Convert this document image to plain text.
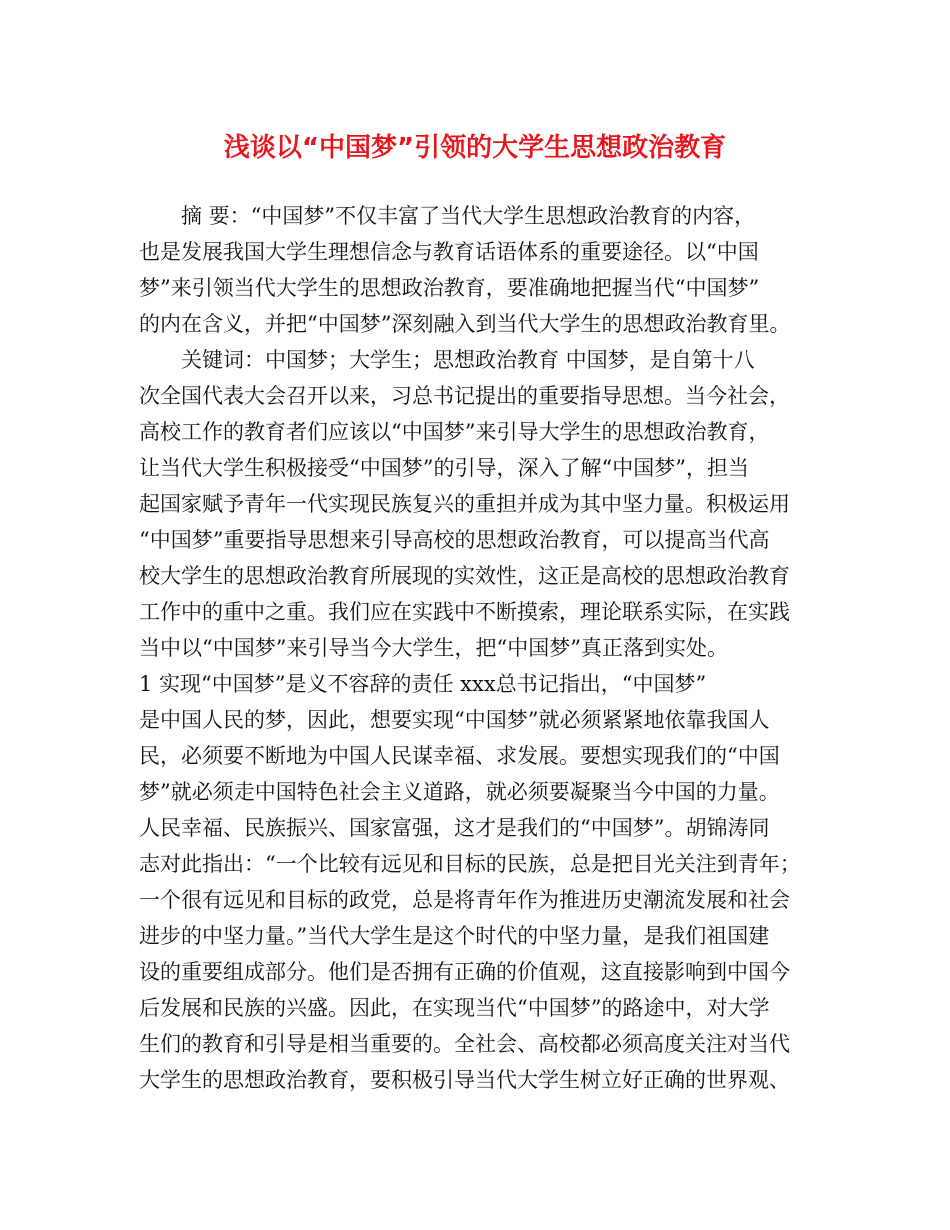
浅谈以“中国梦”引领的大学生思想政治教育
摘 要：“中国梦”不仅丰富了当代大学生思想政治教育的内容，
也是发展我国大学生理想信念与教育话语体系的重要途径。以“中国
梦”来引领当代大学生的思想政治教育，要准确地把握当代“中国梦”
的内在含义，并把“中国梦”深刻融入到当代大学生的思想政治教育里。
关键词：中国梦；大学生；思想政治教育 中国梦，是自第十八
次全国代表大会召开以来，习总书记提出的重要指导思想。当今社会，
高校工作的教育者们应该以“中国梦”来引导大学生的思想政治教育，
让当代大学生积极接受“中国梦”的引导，深入了解“中国梦”，担当
起国家赋予青年一代实现民族复兴的重担并成为其中坚力量。积极运用
“中国梦”重要指导思想来引导高校的思想政治教育，可以提高当代高
校大学生的思想政治教育所展现的实效性，这正是高校的思想政治教育
工作中的重中之重。我们应在实践中不断摸索，理论联系实际，在实践
当中以“中国梦”来引导当今大学生，把“中国梦”真正落到实处。
1 实现“中国梦”是义不容辞的责任 xxx总书记指出，“中国梦”
是中国人民的梦，因此，想要实现“中国梦”就必须紧紧地依靠我国人
民，必须要不断地为中国人民谋幸福、求发展。要想实现我们的“中国
梦”就必须走中国特色社会主义道路，就必须要凝聚当今中国的力量。
人民幸福、民族振兴、国家富强，这才是我们的“中国梦”。胡锦涛同
志对此指出：“一个比较有远见和目标的民族，总是把目光关注到青年；
一个很有远见和目标的政党，总是将青年作为推进历史潮流发展和社会
进步的中坚力量。”当代大学生是这个时代的中坚力量，是我们祖国建
设的重要组成部分。他们是否拥有正确的价值观，这直接影响到中国今
后发展和民族的兴盛。因此，在实现当代“中国梦”的路途中，对大学
生们的教育和引导是相当重要的。全社会、高校都必须高度关注对当代
大学生的思想政治教育，要积极引导当代大学生树立好正确的世界观、
